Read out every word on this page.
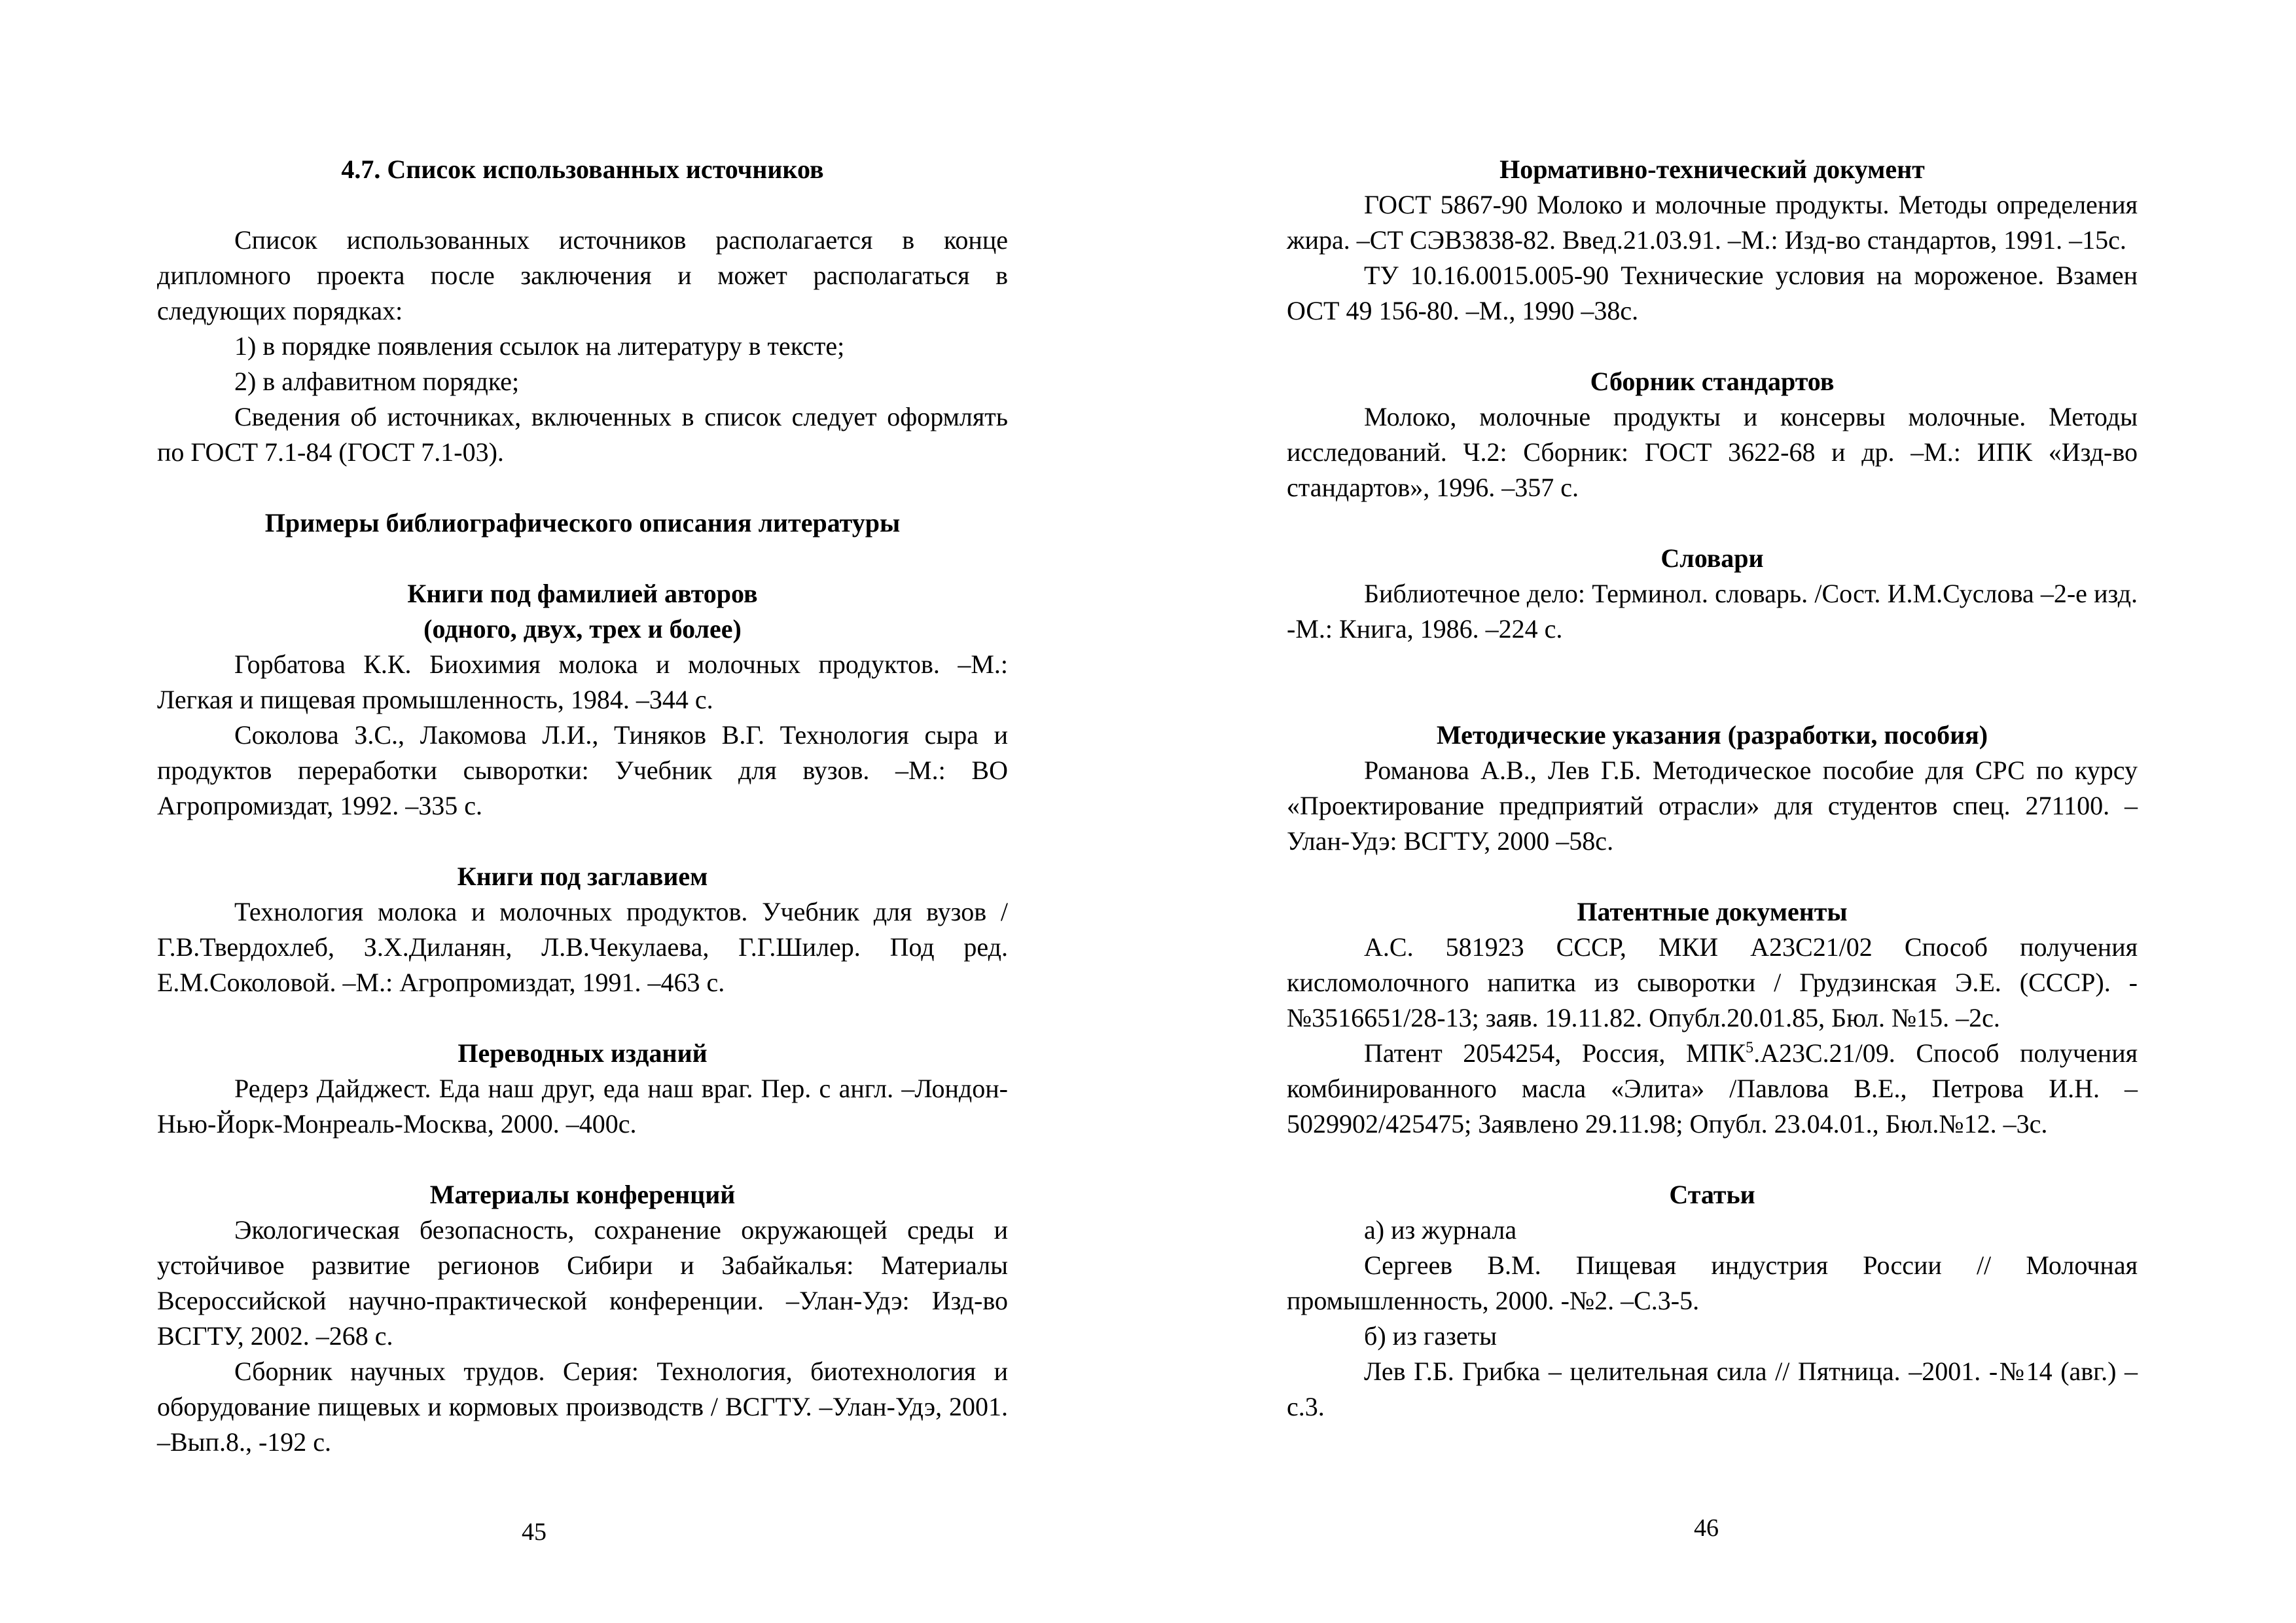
4.7. Список использованных источников

Список использованных источников располагается в конце дипломного проекта после заключения и может располагаться в следующих порядках:

1) в порядке появления ссылок на литературу в тексте;

2) в алфавитном порядке;

Сведения об источниках, включенных в список следует оформлять по ГОСТ 7.1-84 (ГОСТ 7.1-03).

Примеры библиографического описания литературы

Книги под фамилией авторов

(одного, двух, трех и более)

Горбатова К.К. Биохимия молока и молочных продуктов. –М.: Легкая и пищевая промышленность, 1984. –344 с.

Соколова З.С., Лакомова Л.И., Тиняков В.Г. Технология сыра и продуктов переработки сыворотки: Учебник для вузов. –М.: ВО Агропромиздат, 1992. –335 с.

Книги под заглавием

Технология молока и молочных продуктов. Учебник для вузов /Г.В.Твердохлеб, З.Х.Диланян, Л.В.Чекулаева, Г.Г.Шилер. Под ред. Е.М.Соколовой. –М.: Агропромиздат, 1991. –463 с.

Переводных изданий

Редерз Дайджест. Еда наш друг, еда наш враг. Пер. с англ. –Лондон-Нью-Йорк-Монреаль-Москва, 2000. –400с.

Материалы конференций

Экологическая безопасность, сохранение окружающей среды и устойчивое развитие регионов Сибири и Забайкалья: Материалы Всероссийской научно-практической конференции. –Улан-Удэ: Изд-во ВСГТУ, 2002. –268 с.

Сборник научных трудов. Серия: Технология, биотехнология и оборудование пищевых и кормовых производств / ВСГТУ. –Улан-Удэ, 2001. –Вып.8., -192 с.

45

Нормативно-технический документ

ГОСТ 5867-90 Молоко и молочные продукты. Методы определения жира. –СТ СЭВ3838-82. Введ.21.03.91. –М.: Изд-во стандартов, 1991. –15с.

ТУ 10.16.0015.005-90 Технические условия на мороженое. Взамен ОСТ 49 156-80. –М., 1990 –38с.

Сборник стандартов

Молоко, молочные продукты и консервы молочные. Методы исследований. Ч.2: Сборник: ГОСТ 3622-68 и др. –М.: ИПК «Изд-во стандартов», 1996. –357 с.

Словари

Библиотечное дело: Терминол. словарь. /Сост. И.М.Суслова –2-е изд. -М.: Книга, 1986. –224 с.

Методические указания (разработки, пособия)

Романова А.В., Лев Г.Б. Методическое пособие для СРС по курсу «Проектирование предприятий отрасли» для студентов спец. 271100. –Улан-Удэ: ВСГТУ, 2000 –58с.

Патентные документы

А.С. 581923 СССР, МКИ А23С21/02 Способ получения кисломолочного напитка из сыворотки / Грудзинская Э.Е. (СССР). -№3516651/28-13; заяв. 19.11.82. Опубл.20.01.85, Бюл. №15. –2с.

Патент 2054254, Россия, МПК$^5$.А23С.21/09. Способ получения комбинированного масла «Элита» /Павлова В.Е., Петрова И.Н. –5029902/425475; Заявлено 29.11.98; Опубл. 23.04.01., Бюл.№12. –3с.

Статьи

а) из журнала

Сергеев В.М. Пищевая индустрия России // Молочная промышленность, 2000. -№2. –С.3-5.

б) из газеты

Лев Г.Б. Грибка – целительная сила // Пятница. –2001. -№14 (авг.) –с.3.

46
